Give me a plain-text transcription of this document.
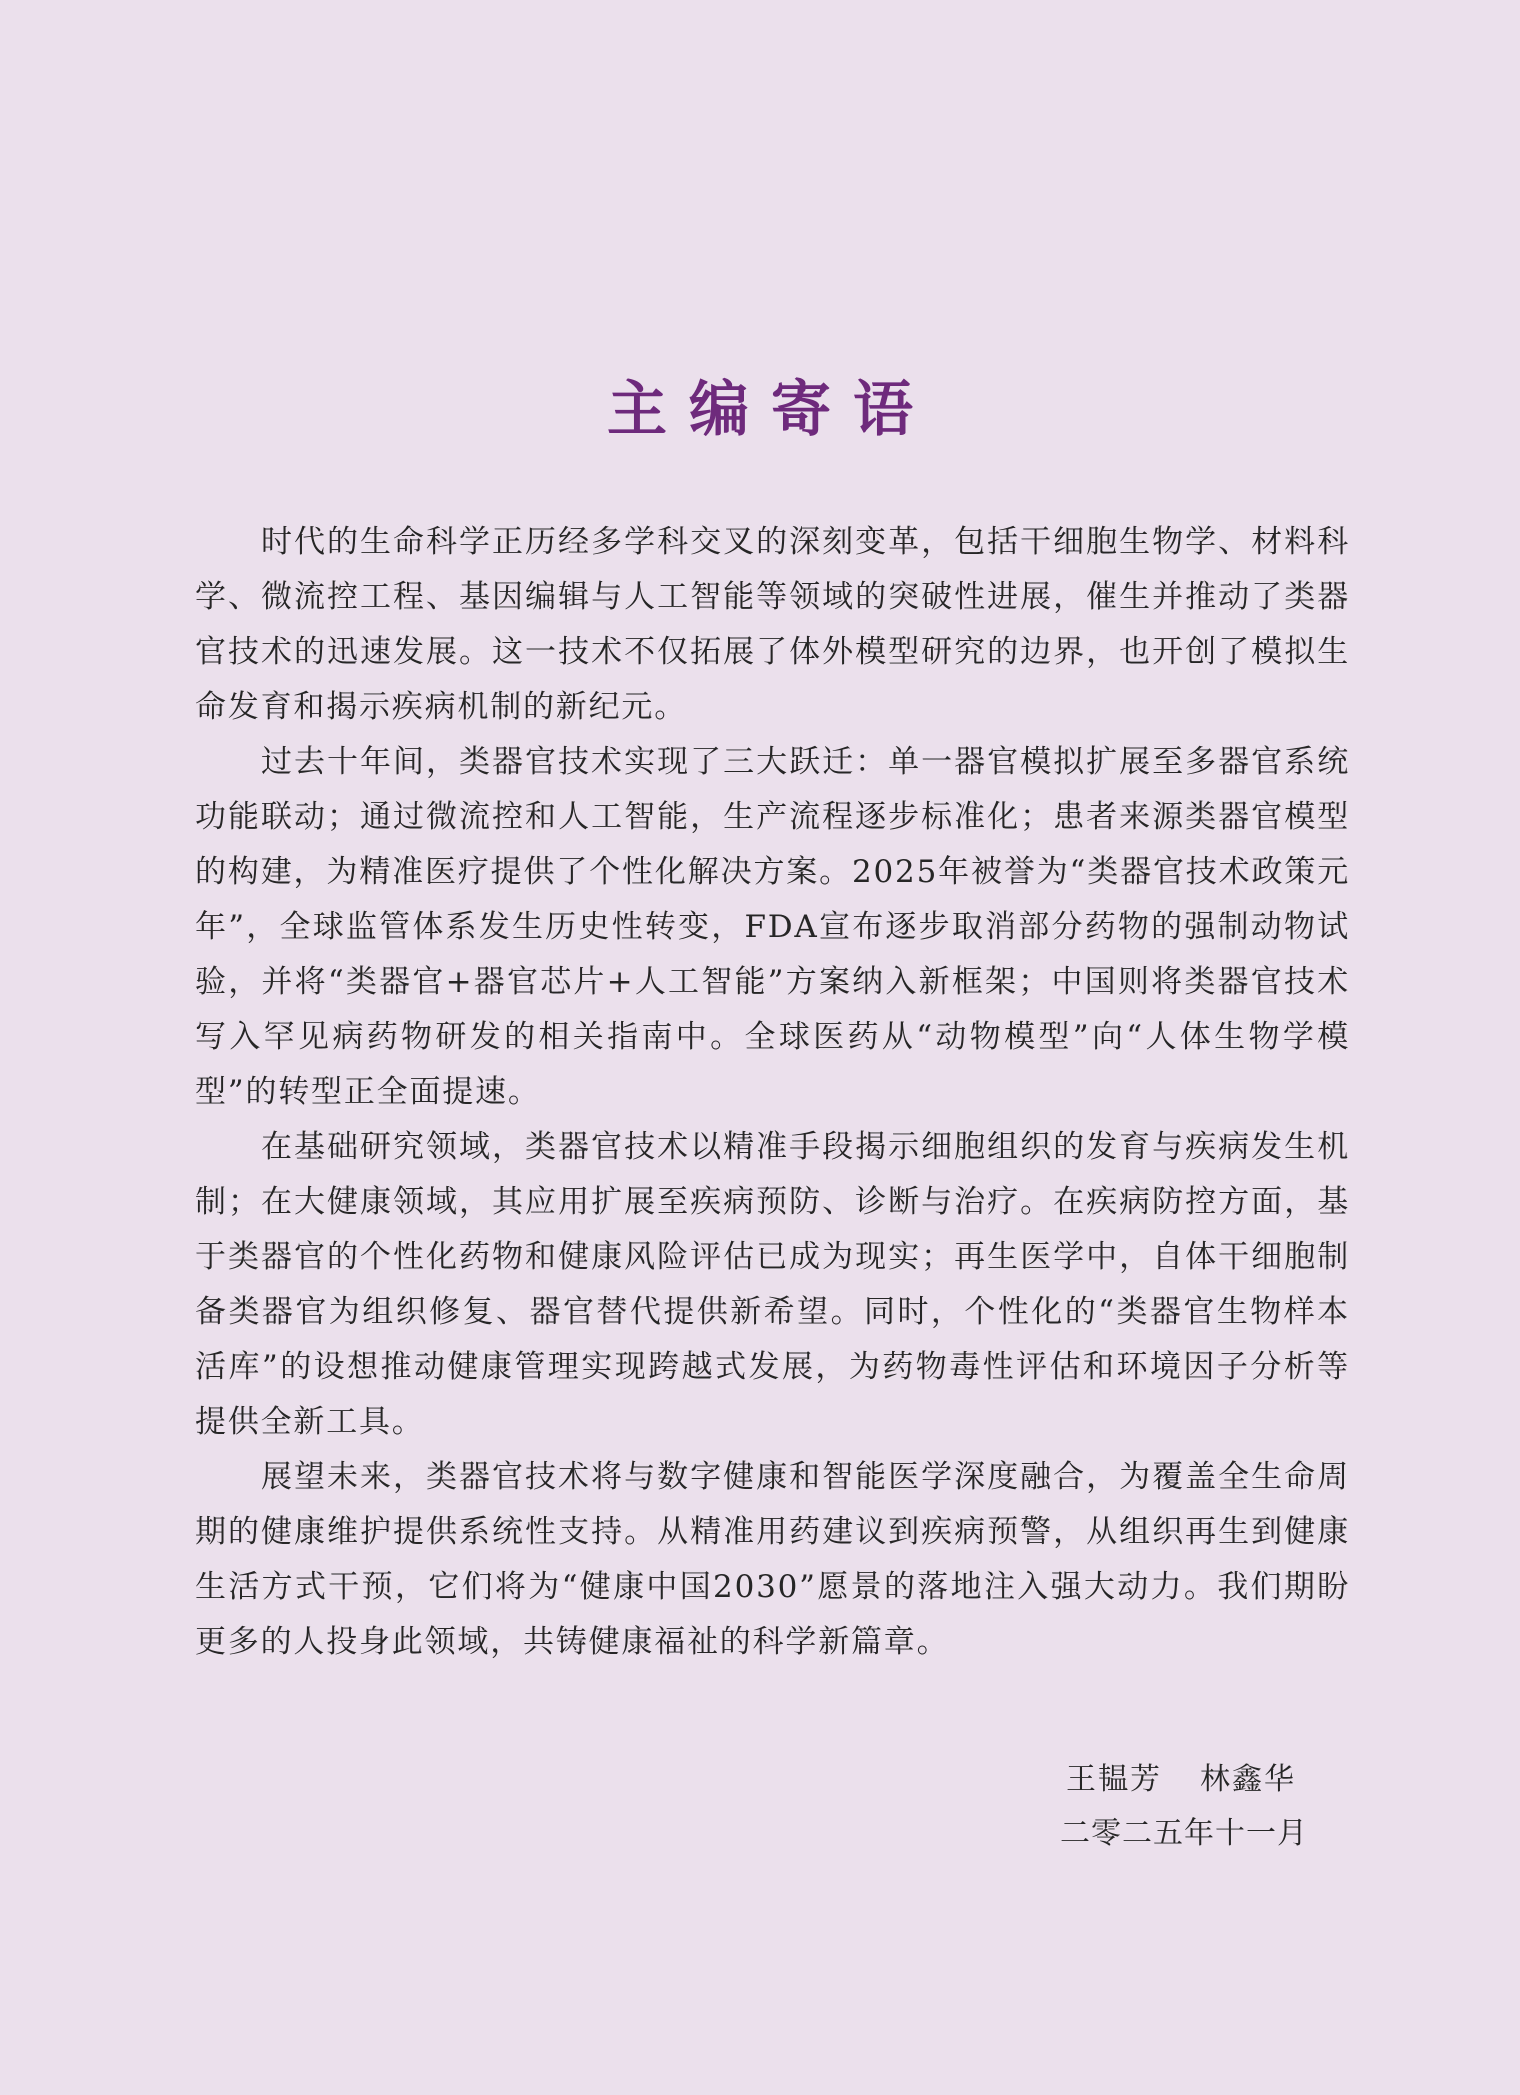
主编寄语

时代的生命科学正历经多学科交叉的深刻变革，包括干细胞生物学、材料科学、微流控工程、基因编辑与人工智能等领域的突破性进展，催生并推动了类器官技术的迅速发展。这一技术不仅拓展了体外模型研究的边界，也开创了模拟生命发育和揭示疾病机制的新纪元。

过去十年间，类器官技术实现了三大跃迁：单一器官模拟扩展至多器官系统功能联动；通过微流控和人工智能，生产流程逐步标准化；患者来源类器官模型的构建，为精准医疗提供了个性化解决方案。2025年被誉为“类器官技术政策元年”，全球监管体系发生历史性转变，FDA宣布逐步取消部分药物的强制动物试验，并将“类器官+器官芯片+人工智能”方案纳入新框架；中国则将类器官技术写入罕见病药物研发的相关指南中。全球医药从“动物模型”向“人体生物学模型”的转型正全面提速。

在基础研究领域，类器官技术以精准手段揭示细胞组织的发育与疾病发生机制；在大健康领域，其应用扩展至疾病预防、诊断与治疗。在疾病防控方面，基于类器官的个性化药物和健康风险评估已成为现实；再生医学中，自体干细胞制备类器官为组织修复、器官替代提供新希望。同时，个性化的“类器官生物样本活库”的设想推动健康管理实现跨越式发展，为药物毒性评估和环境因子分析等提供全新工具。

展望未来，类器官技术将与数字健康和智能医学深度融合，为覆盖全生命周期的健康维护提供系统性支持。从精准用药建议到疾病预警，从组织再生到健康生活方式干预，它们将为“健康中国2030”愿景的落地注入强大动力。我们期盼更多的人投身此领域，共铸健康福祉的科学新篇章。

王韫芳 林鑫华
二零二五年十一月
